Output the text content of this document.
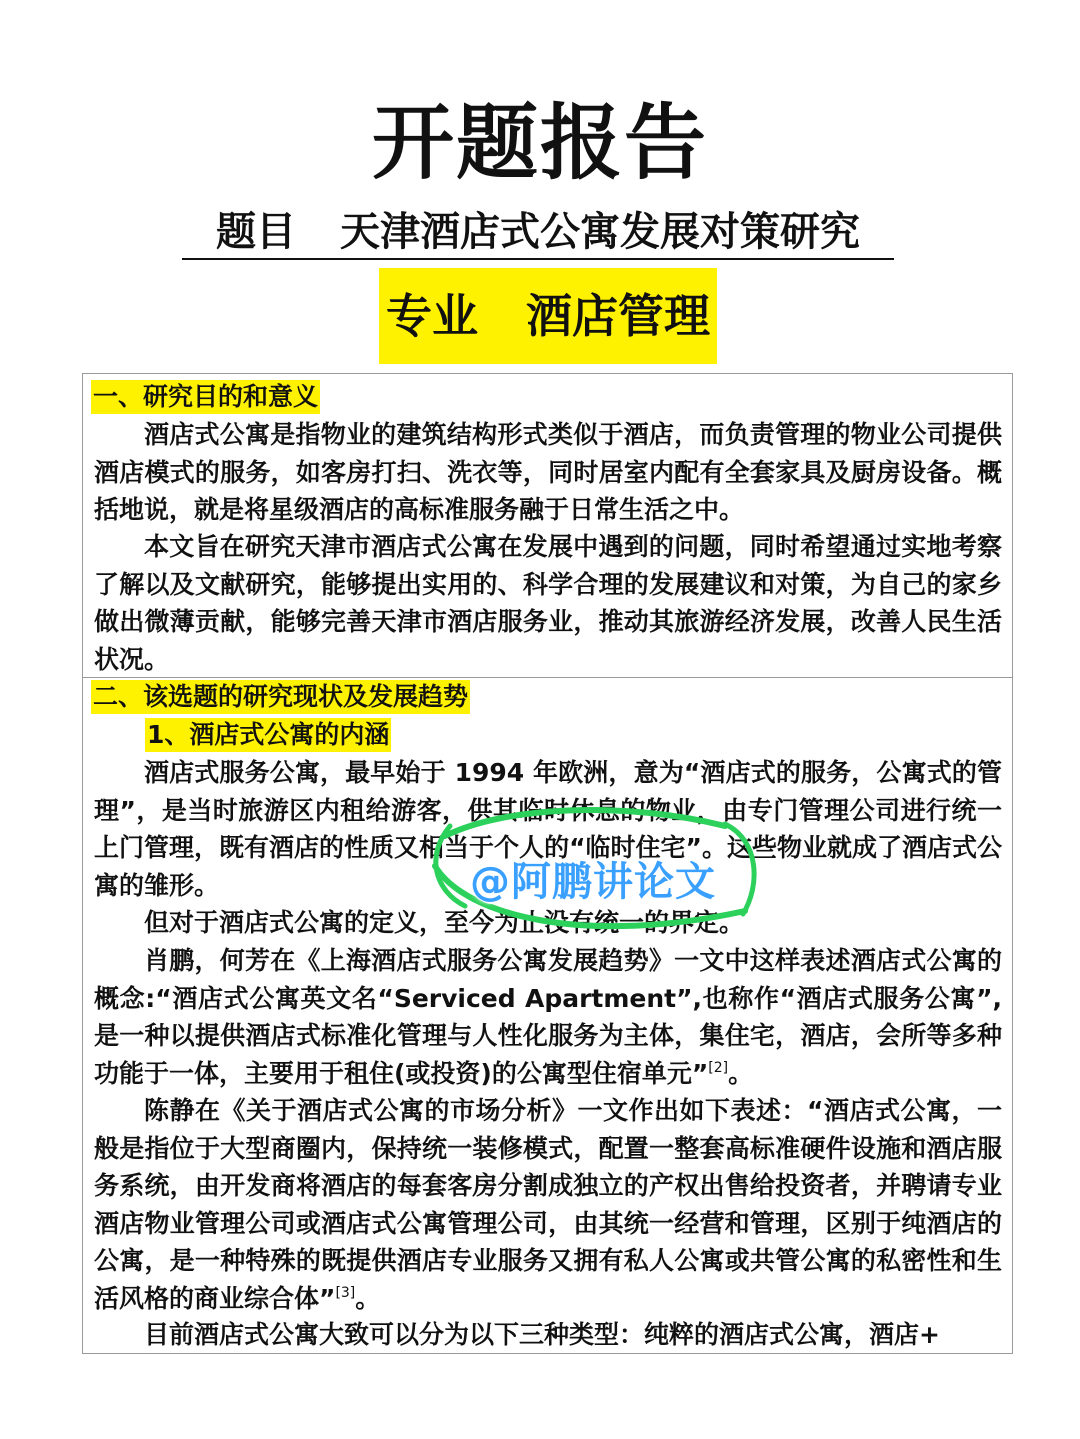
开题报告
题目 天津酒店式公寓发展对策研究
专业 酒店管理
一、研究目的和意义

酒店式公寓是指物业的建筑结构形式类似于酒店，而负责管理的物业公司提供酒店模式的服务，如客房打扫、洗衣等，同时居室内配有全套家具及厨房设备。概括地说，就是将星级酒店的高标准服务融于日常生活之中。

本文旨在研究天津市酒店式公寓在发展中遇到的问题，同时希望通过实地考察了解以及文献研究，能够提出实用的、科学合理的发展建议和对策，为自己的家乡做出微薄贡献，能够完善天津市酒店服务业，推动其旅游经济发展，改善人民生活状况。

二、该选题的研究现状及发展趋势
1、酒店式公寓的内涵

酒店式服务公寓，最早始于 1994 年欧洲，意为“酒店式的服务，公寓式的管理”，是当时旅游区内租给游客，供其临时休息的物业，由专门管理公司进行统一上门管理，既有酒店的性质又相当于个人的“临时住宅”。这些物业就成了酒店式公寓的雏形。

但对于酒店式公寓的定义，至今为止没有统一的界定。

肖鹏，何芳在《上海酒店式服务公寓发展趋势》一文中这样表述酒店式公寓的概念:“酒店式公寓英文名“Serviced Apartment”,也称作“酒店式服务公寓”,是一种以提供酒店式标准化管理与人性化服务为主体，集住宅，酒店，会所等多种功能于一体，主要用于租住(或投资)的公寓型住宿单元”[2]。

陈静在《关于酒店式公寓的市场分析》一文作出如下表述：“酒店式公寓，一般是指位于大型商圈内，保持统一装修模式，配置一整套高标准硬件设施和酒店服务系统，由开发商将酒店的每套客房分割成独立的产权出售给投资者，并聘请专业酒店物业管理公司或酒店式公寓管理公司，由其统一经营和管理，区别于纯酒店的公寓，是一种特殊的既提供酒店专业服务又拥有私人公寓或共管公寓的私密性和生活风格的商业综合体”[3]。

目前酒店式公寓大致可以分为以下三种类型：纯粹的酒店式公寓，酒店+

@阿鹏讲论文
